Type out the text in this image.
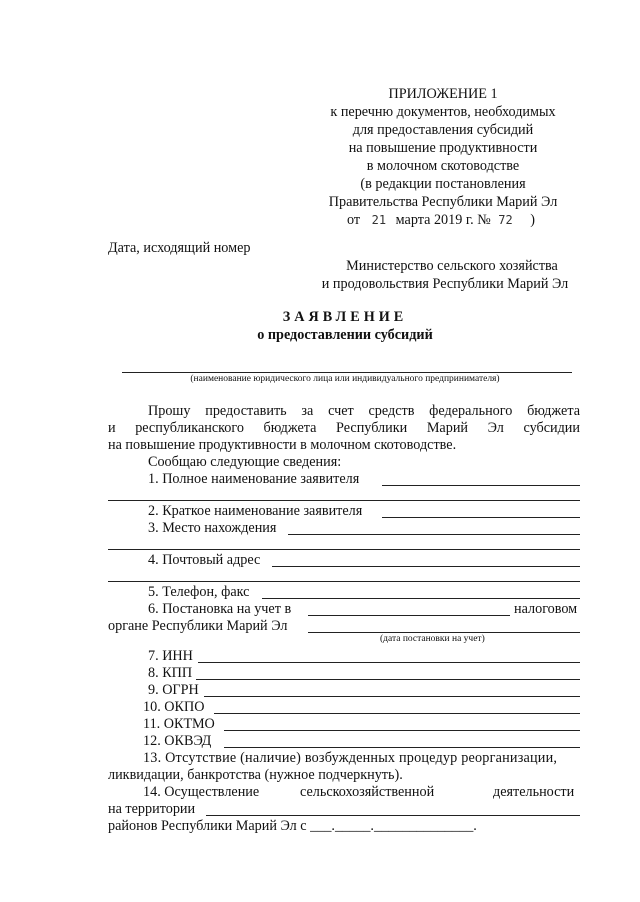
ПРИЛОЖЕНИЕ 1
к перечню документов, необходимых
для предоставления субсидий
на повышение продуктивности
в молочном скотоводстве
(в редакции постановления
Правительства Республики Марий Эл
от 21 марта 2019 г. № 72 )
Дата, исходящий номер
Министерство сельского хозяйства
и продовольствия Республики Марий Эл
ЗАЯВЛЕНИЕ
о предоставлении субсидий
(наименование юридического лица или индивидуального предпринимателя)
Прошу предоставить за счет средств федерального бюджета
и республиканского бюджета Республики Марий Эл субсидии
на повышение продуктивности в молочном скотоводстве.
Сообщаю следующие сведения:
1. Полное наименование заявителя
2. Краткое наименование заявителя
3. Место нахождения
4. Почтовый адрес
5. Телефон, факс
6. Постановка на учет в	налоговом
органе Республики Марий Эл
(дата постановки на учет)
7. ИНН
8. КПП
9. ОГРН
10. ОКПО
11. ОКТМО
12. ОКВЭД
13. Отсутствие (наличие) возбужденных процедур реорганизации,
ликвидации, банкротства (нужное подчеркнуть).
14. Осуществление	сельскохозяйственной	деятельности
на территории
районов Республики Марий Эл с ___._____.______________.
